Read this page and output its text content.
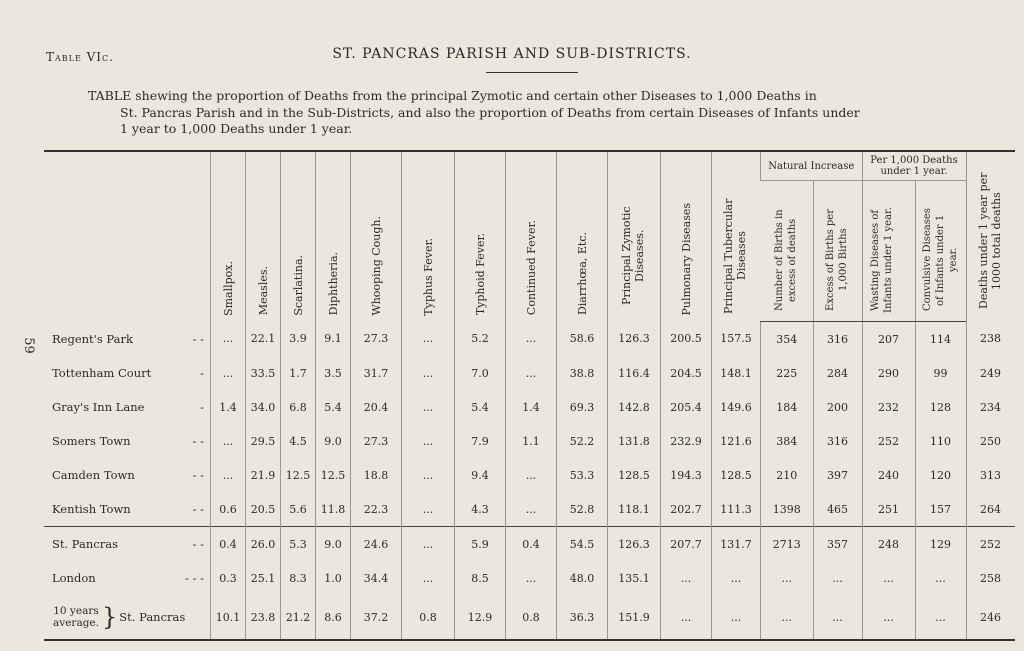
Table VIc.	ST. PANCRAS PARISH AND SUB-DISTRICTS.
TABLE shewing the proportion of Deaths from the principal Zymotic and certain other Diseases to 1,000 Deaths in
St. Pancras Parish and in the Sub-Districts, and also the proportion of Deaths from certain Diseases of Infants under
1 year to 1,000 Deaths under 1 year.
59

	Smallpox.	Measles.	Scarlatina.	Diphtheria.	Whooping Cough.	Typhus Fever.	Typhoid Fever.	Continued Fever.	Diarrhœa, Etc.	Principal Zymotic Diseases.	Pulmonary Diseases	Principal Tubercular Diseases	Natural Increase		Per 1,000 Deaths under 1 year.		Deaths under 1 year per 1000 total deaths

													Number of Births in excess of deaths	Excess of Births per 1,000 Births	Wasting Diseases of Infants under 1 year.	Convulsive Diseases of Infants under 1 year.	

Regent's Park - -	...	22.1	3.9	9.1	27.3	...	5.2	...	58.6	126.3	200.5	157.5	354	316	207	114	238
Tottenham Court -	...	33.5	1.7	3.5	31.7	...	7.0	...	38.8	116.4	204.5	148.1	225	284	290	99	249
Gray's Inn Lane -	1.4	34.0	6.8	5.4	20.4	...	5.4	1.4	69.3	142.8	205.4	149.6	184	200	232	128	234
Somers Town - -	...	29.5	4.5	9.0	27.3	...	7.9	1.1	52.2	131.8	232.9	121.6	384	316	252	110	250
Camden Town - -	...	21.9	12.5	12.5	18.8	...	9.4	...	53.3	128.5	194.3	128.5	210	397	240	120	313
Kentish Town - -	0.6	20.5	5.6	11.8	22.3	...	4.3	...	52.8	118.1	202.7	111.3	1398	465	251	157	264
St. Pancras - -	0.4	26.0	5.3	9.0	24.6	...	5.9	0.4	54.5	126.3	207.7	131.7	2713	357	248	129	252
London - - -	0.3	25.1	8.3	1.0	34.4	...	8.5	...	48.0	135.1	...	...	...	...	...	...	258

10 years average. } St. Pancras	10.1	23.8	21.2	8.6	37.2	0.8	12.9	0.8	36.3	151.9	...	...	...	...	...	...	246
